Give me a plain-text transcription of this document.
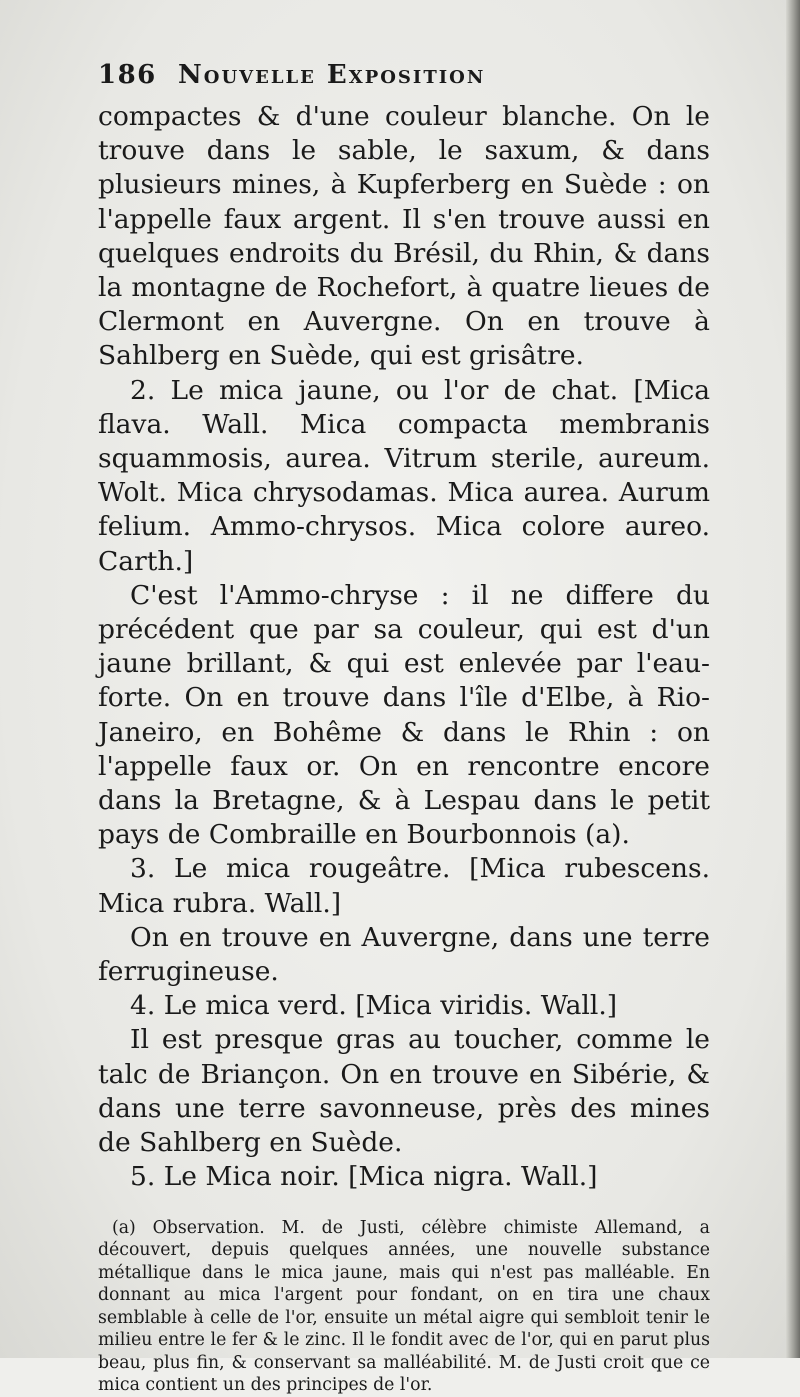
186 Nouvelle Exposition

compactes & d'une couleur blanche. On le trouve dans le sable, le saxum, & dans plusieurs mines, à Kupferberg en Suède : on l'appelle faux argent. Il s'en trouve aussi en quelques endroits du Brésil, du Rhin, & dans la montagne de Rochefort, à quatre lieues de Clermont en Auvergne. On en trouve à Sahlberg en Suède, qui est grisâtre.

2. Le mica jaune, ou l'or de chat. [Mica flava. Wall. Mica compacta membranis squammosis, aurea. Vitrum sterile, aureum. Wolt. Mica chrysodamas. Mica aurea. Aurum felium. Ammo-chrysos. Mica colore aureo. Carth.]

C'est l'Ammo-chryse : il ne differe du précédent que par sa couleur, qui est d'un jaune brillant, & qui est enlevée par l'eau-forte. On en trouve dans l'île d'Elbe, à Rio-Janeiro, en Bohême & dans le Rhin : on l'appelle faux or. On en rencontre encore dans la Bretagne, & à Lespau dans le petit pays de Combraille en Bourbonnois (a).

3. Le mica rougeâtre. [Mica rubescens. Mica rubra. Wall.]

On en trouve en Auvergne, dans une terre ferrugineuse.

4. Le mica verd. [Mica viridis. Wall.]

Il est presque gras au toucher, comme le talc de Briançon. On en trouve en Sibérie, & dans une terre savonneuse, près des mines de Sahlberg en Suède.

5. Le Mica noir. [Mica nigra. Wall.]

(a) Observation. M. de Justi, célèbre chimiste Allemand, a découvert, depuis quelques années, une nouvelle substance métallique dans le mica jaune, mais qui n'est pas malléable. En donnant au mica l'argent pour fondant, on en tira une chaux semblable à celle de l'or, ensuite un métal aigre qui sembloit tenir le milieu entre le fer & le zinc. Il le fondit avec de l'or, qui en parut plus beau, plus fin, & conservant sa malléabilité. M. de Justi croit que ce mica contient un des principes de l'or.
